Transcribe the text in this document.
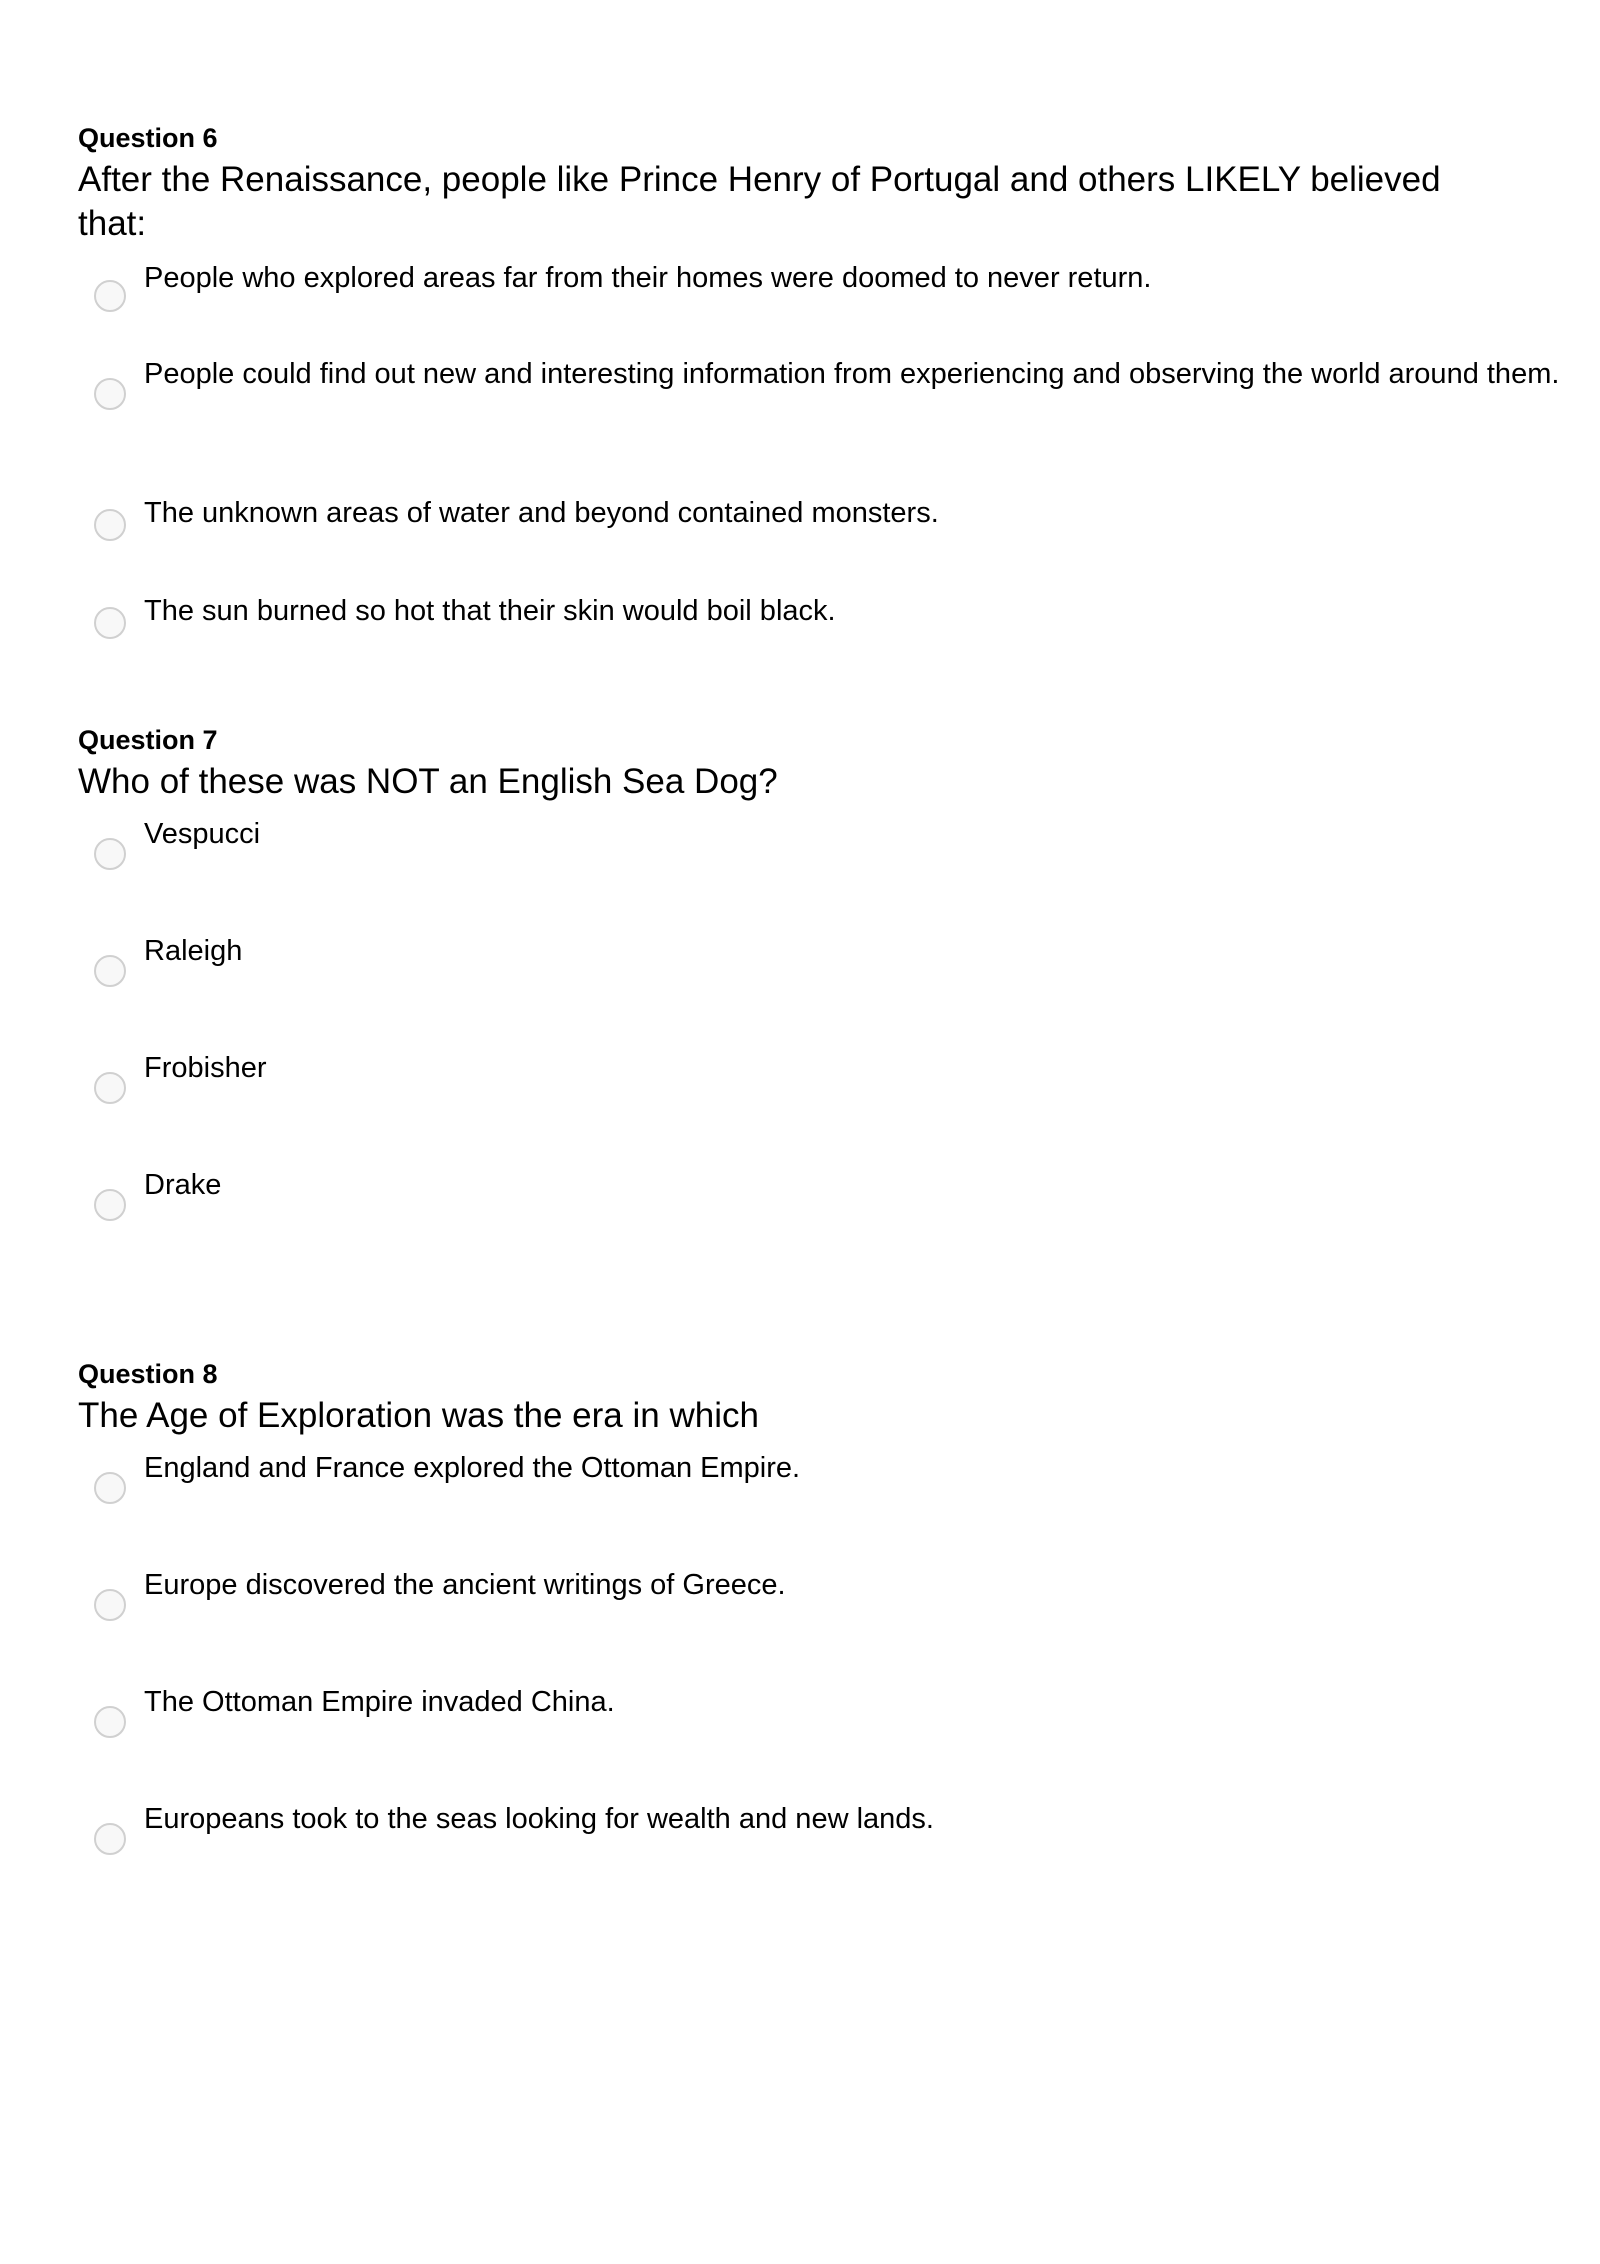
Question 6

After the Renaissance, people like Prince Henry of Portugal and others LIKELY believed that:

People who explored areas far from their homes were doomed to never return.
People could find out new and interesting information from experiencing and observing the world around them.
The unknown areas of water and beyond contained monsters.
The sun burned so hot that their skin would boil black.

Question 7

Who of these was NOT an English Sea Dog?

Vespucci
Raleigh
Frobisher
Drake

Question 8

The Age of Exploration was the era in which

England and France explored the Ottoman Empire.
Europe discovered the ancient writings of Greece.
The Ottoman Empire invaded China.
Europeans took to the seas looking for wealth and new lands.
